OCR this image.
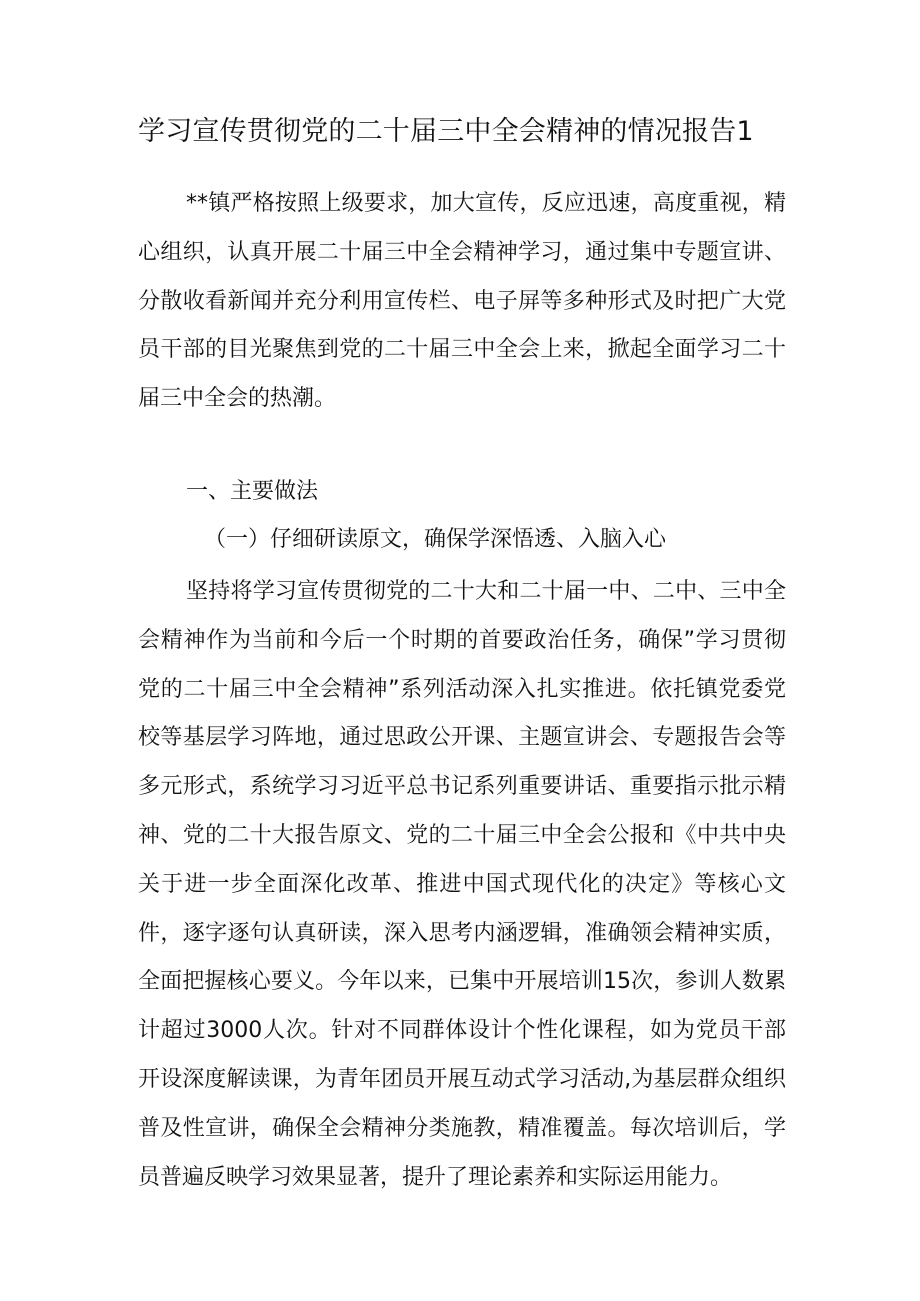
学习宣传贯彻党的二十届三中全会精神的情况报告1

**镇严格按照上级要求，加大宣传，反应迅速，高度重视，精心组织，认真开展二十届三中全会精神学习，通过集中专题宣讲、分散收看新闻并充分利用宣传栏、电子屏等多种形式及时把广大党员干部的目光聚焦到党的二十届三中全会上来，掀起全面学习二十届三中全会的热潮。

一、主要做法
（一）仔细研读原文，确保学深悟透、入脑入心

坚持将学习宣传贯彻党的二十大和二十届一中、二中、三中全会精神作为当前和今后一个时期的首要政治任务，确保”学习贯彻党的二十届三中全会精神”系列活动深入扎实推进。依托镇党委党校等基层学习阵地，通过思政公开课、主题宣讲会、专题报告会等多元形式，系统学习习近平总书记系列重要讲话、重要指示批示精神、党的二十大报告原文、党的二十届三中全会公报和《中共中央关于进一步全面深化改革、推进中国式现代化的决定》等核心文件，逐字逐句认真研读，深入思考内涵逻辑，准确领会精神实质，全面把握核心要义。今年以来，已集中开展培训15次，参训人数累计超过3000人次。针对不同群体设计个性化课程，如为党员干部开设深度解读课，为青年团员开展互动式学习活动,为基层群众组织普及性宣讲，确保全会精神分类施教，精准覆盖。每次培训后，学员普遍反映学习效果显著，提升了理论素养和实际运用能力。
